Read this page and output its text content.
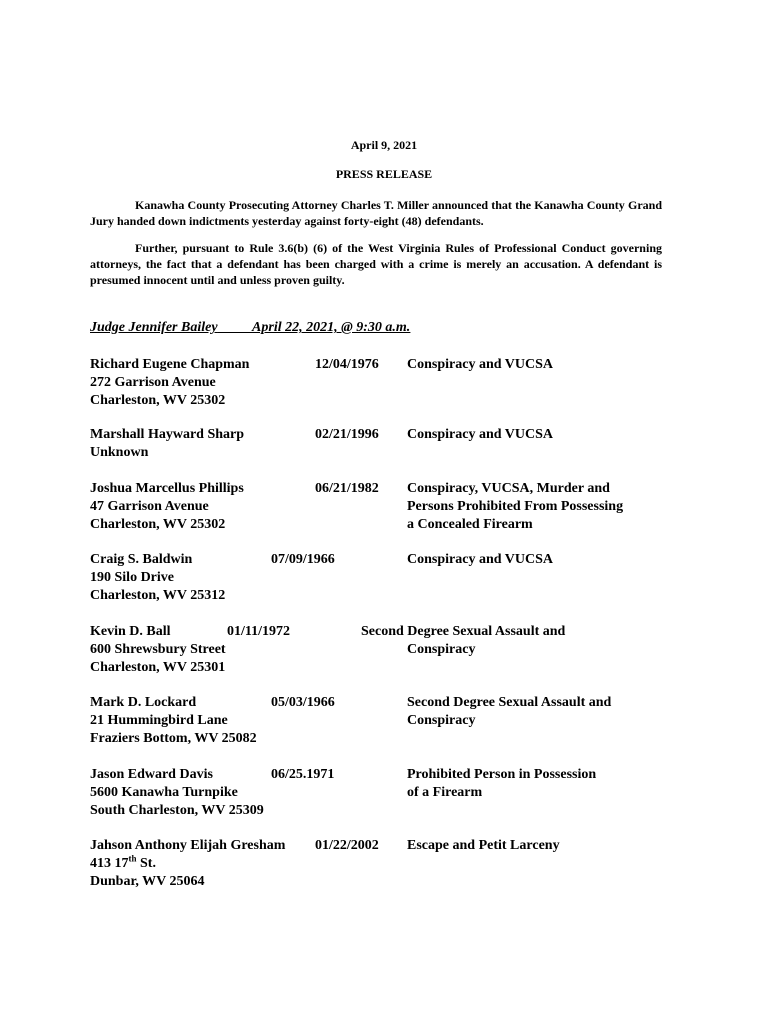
April 9, 2021
PRESS RELEASE
Kanawha County Prosecuting Attorney Charles T. Miller announced that the Kanawha County Grand Jury handed down indictments yesterday against forty-eight (48) defendants.
Further, pursuant to Rule 3.6(b) (6) of the West Virginia Rules of Professional Conduct governing attorneys, the fact that a defendant has been charged with a crime is merely an accusation. A defendant is presumed innocent until and unless proven guilty.
Judge Jennifer Bailey April 22, 2021, @ 9:30 a.m.
Richard Eugene Chapman	12/04/1976 Conspiracy and VUCSA
272 Garrison Avenue
Charleston, WV 25302
Marshall Hayward Sharp	02/21/1996 Conspiracy and VUCSA
Unknown
Joshua Marcellus Phillips	06/21/1982 Conspiracy, VUCSA, Murder and
Persons Prohibited From Possessing
a Concealed Firearm
47 Garrison Avenue
Charleston, WV 25302
Craig S. Baldwin	07/09/1966	Conspiracy and VUCSA
190 Silo Drive
Charleston, WV 25312
Kevin D. Ball	01/11/1972	Second Degree Sexual Assault and
Conspiracy
600 Shrewsbury Street
Charleston, WV 25301
Mark D. Lockard	05/03/1966	Second Degree Sexual Assault and
Conspiracy
21 Hummingbird Lane
Fraziers Bottom, WV 25082
Jason Edward Davis	06/25.1971	Prohibited Person in Possession
of a Firearm
5600 Kanawha Turnpike
South Charleston, WV 25309
Jahson Anthony Elijah Gresham 01/22/2002 Escape and Petit Larceny
413 17th St.
Dunbar, WV 25064
